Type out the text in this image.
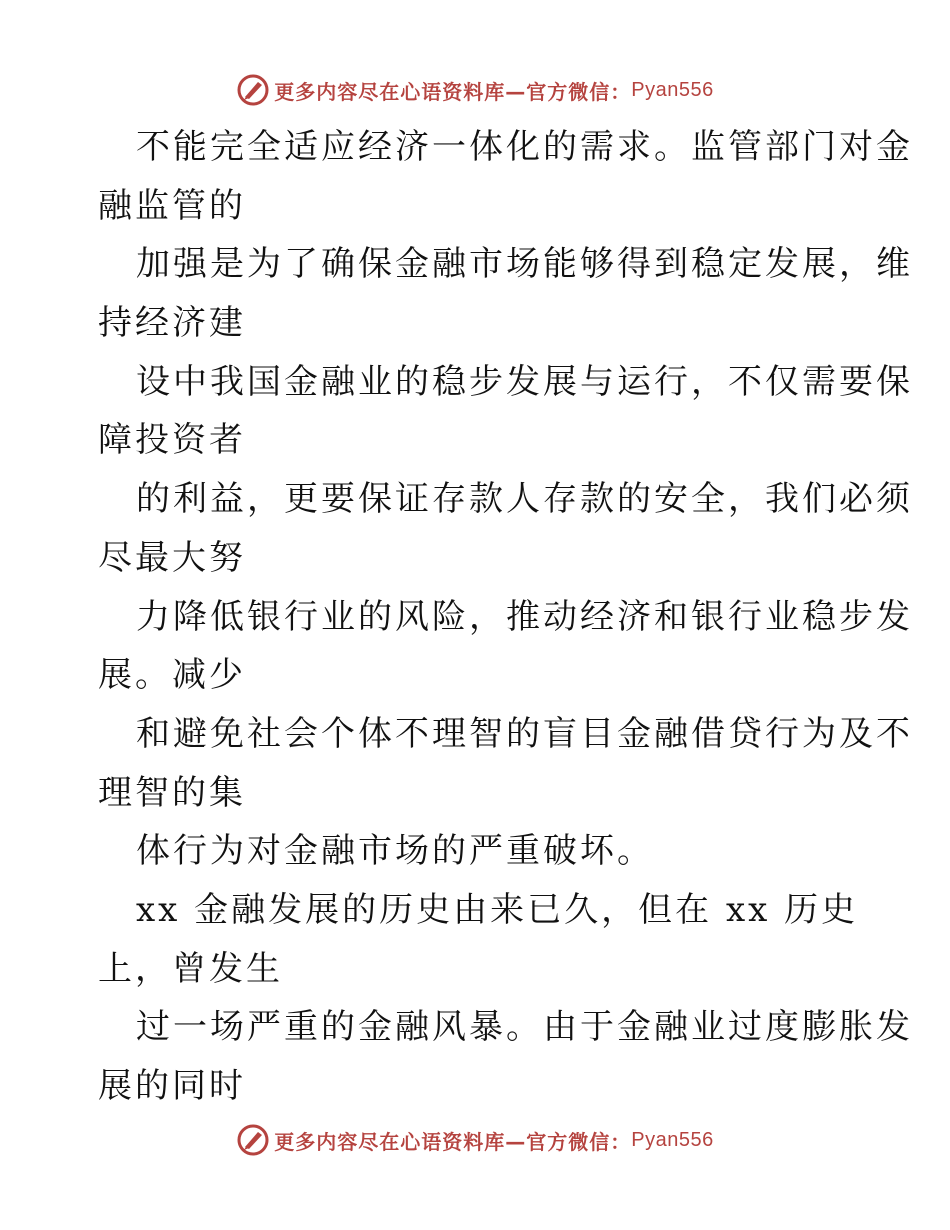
更多内容尽在心语资料库—官方微信： Pyan556
不能完全适应经济一体化的需求。监管部门对金
融监管的
加强是为了确保金融市场能够得到稳定发展，维
持经济建
设中我国金融业的稳步发展与运行，不仅需要保
障投资者
的利益，更要保证存款人存款的安全，我们必须
尽最大努
力降低银行业的风险，推动经济和银行业稳步发
展。减少
和避免社会个体不理智的盲目金融借贷行为及不
理智的集
体行为对金融市场的严重破坏。
xx 金融发展的历史由来已久，但在 xx 历史
上，曾发生
过一场严重的金融风暴。由于金融业过度膨胀发
展的同时
更多内容尽在心语资料库—官方微信： Pyan556
